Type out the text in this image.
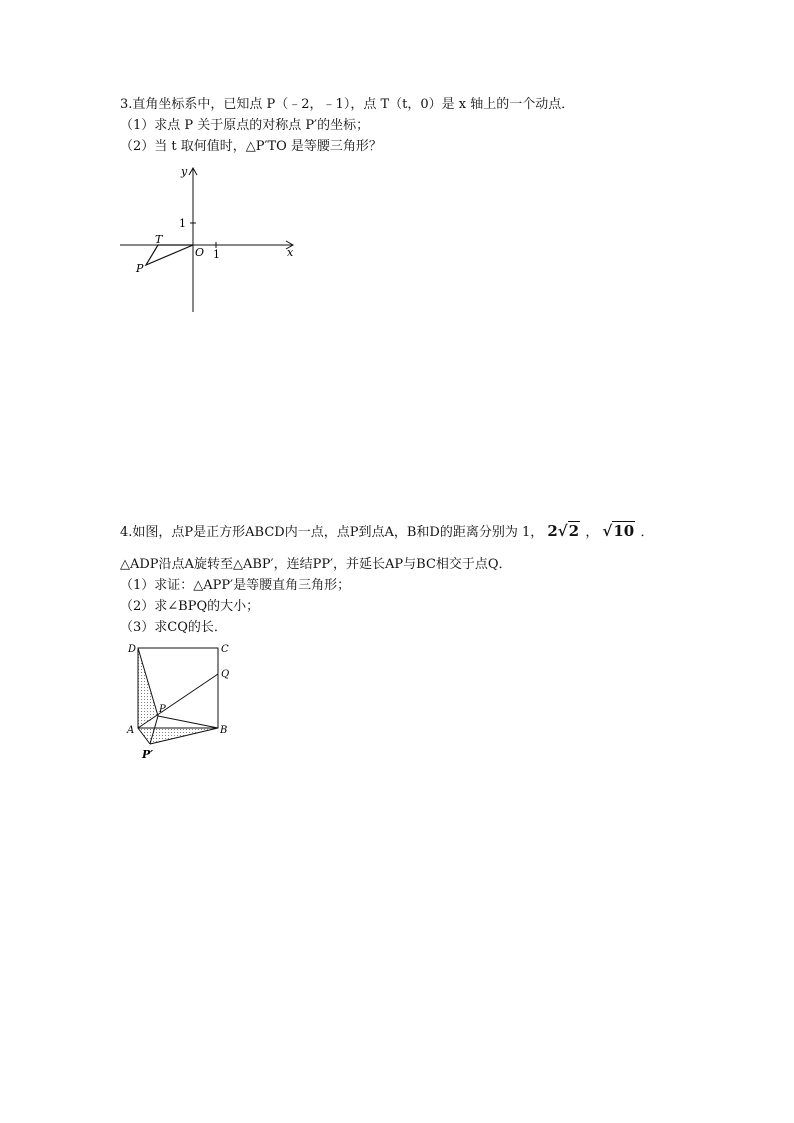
3.直角坐标系中，已知点 P（﹣2，﹣1），点 T（t，0）是 x 轴上的一个动点．
（1）求点 P 关于原点的对称点 P′的坐标；
（2）当 t 取何值时，△P′TO 是等腰三角形？
y
x
O 1
1
T
P
4.如图，点P是正方形ABCD内一点，点P到点A，B和D的距离分别为 1， 2√2 ， √10 ．
△ADP沿点A旋转至△ABP′，连结PP′，并延长AP与BC相交于点Q．
（1）求证：△APP′是等腰直角三角形；
（2）求∠BPQ的大小；
（3）求CQ的长．
D	C
Q
A	B
P
P′
